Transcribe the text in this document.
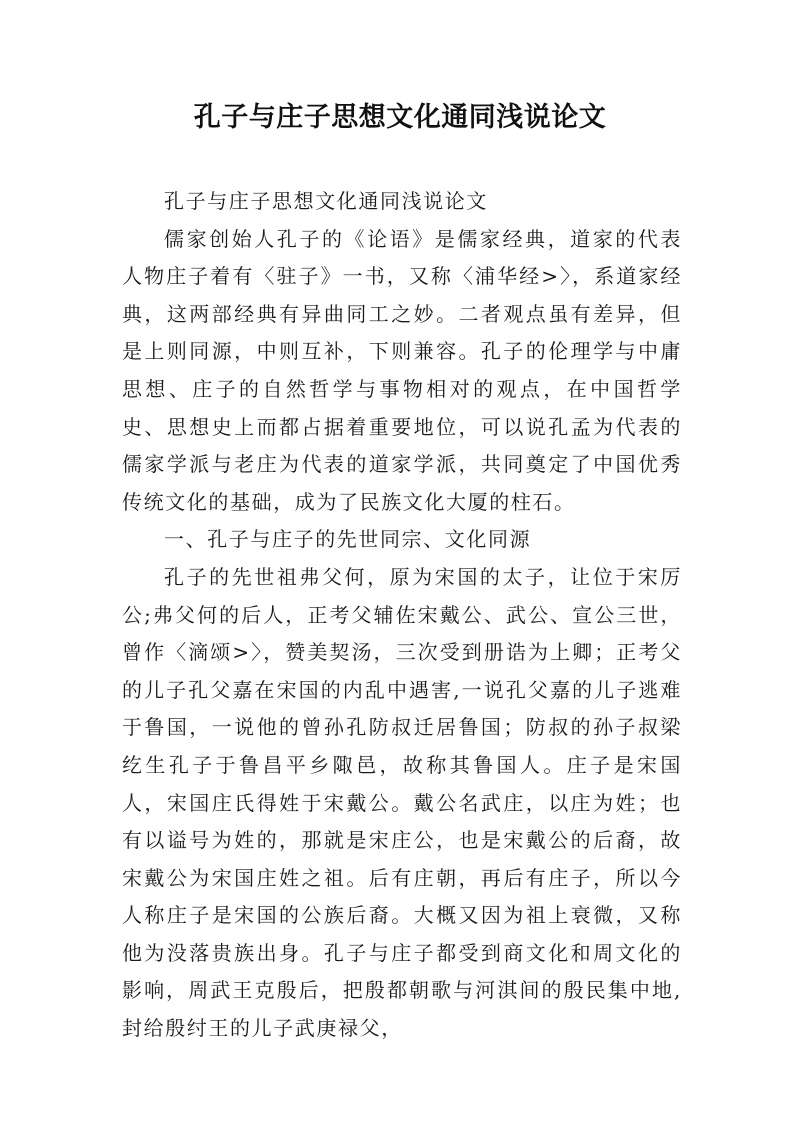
孔子与庄子思想文化通同浅说论文

孔子与庄子思想文化通同浅说论文

儒家创始人孔子的《论语》是儒家经典，道家的代表人物庄子着有〈驻子》一书，又称〈浦华经>〉，系道家经典，这两部经典有异曲同工之妙。二者观点虽有差异，但是上则同源，中则互补，下则兼容。孔子的伦理学与中庸思想、庄子的自然哲学与事物相对的观点，在中国哲学史、思想史上而都占据着重要地位，可以说孔孟为代表的儒家学派与老庄为代表的道家学派，共同奠定了中国优秀传统文化的基础，成为了民族文化大厦的柱石。

一、孔子与庄子的先世同宗、文化同源

孔子的先世祖弗父何，原为宋国的太子，让位于宋厉公;弗父何的后人，正考父辅佐宋戴公、武公、宣公三世，曾作〈滴颂>〉，赞美契汤，三次受到册诰为上卿；正考父的儿子孔父嘉在宋国的内乱中遇害,一说孔父嘉的儿子逃难于鲁国，一说他的曾孙孔防叔迁居鲁国；防叔的孙子叔梁纥生孔子于鲁昌平乡陬邑，故称其鲁国人。庄子是宋国人，宋国庄氏得姓于宋戴公。戴公名武庄，以庄为姓；也有以谥号为姓的，那就是宋庄公，也是宋戴公的后裔，故宋戴公为宋国庄姓之祖。后有庄朝，再后有庄子，所以今人称庄子是宋国的公族后裔。大概又因为祖上衰微，又称他为没落贵族出身。孔子与庄子都受到商文化和周文化的影响，周武王克殷后，把殷都朝歌与河淇间的殷民集中地,封给殷纣王的儿子武庚禄父，
